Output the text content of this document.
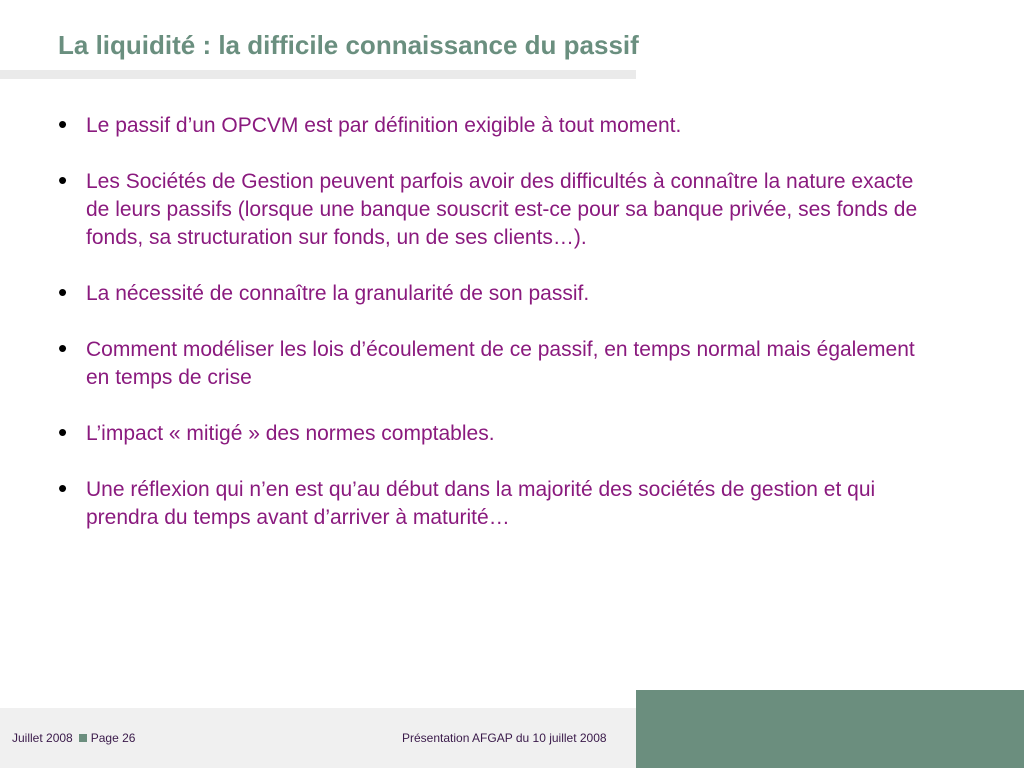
La liquidité : la difficile connaissance du passif
• Le passif d’un OPCVM est par définition exigible à tout moment.
• Les Sociétés de Gestion peuvent parfois avoir des difficultés à connaître la nature exacte de leurs passifs (lorsque une banque souscrit est-ce pour sa banque privée, ses fonds de fonds, sa structuration sur fonds, un de ses clients…).
• La nécessité de connaître la granularité de son passif.
• Comment modéliser les lois d’écoulement de ce passif, en temps normal mais également en temps de crise
• L’impact « mitigé » des normes comptables.
• Une réflexion qui n’en est qu’au début dans la majorité des sociétés de gestion et qui prendra du temps avant d’arriver à maturité…
Juillet 2008 Page 26	Présentation AFGAP du 10 juillet 2008
